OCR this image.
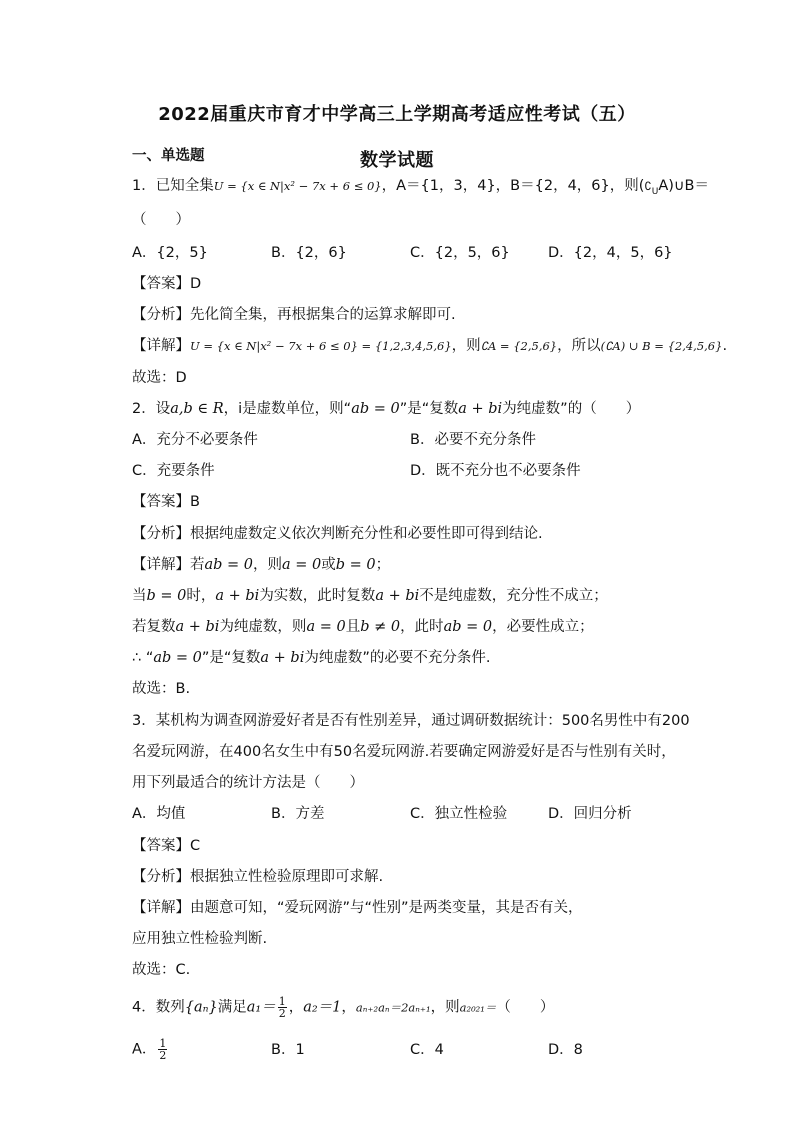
2022届重庆市育才中学高三上学期高考适应性考试（五）
数学试题
一、单选题
1．已知全集U = {x ∈ N|x² − 7x + 6 ≤ 0}，A＝{1，3，4}，B＝{2，4，6}，则$(∁_UA)\cup B=$
（　　）
A．{2，5}	B．{2，6}	C．{2，5，6}	D．{2，4，5，6}
【答案】D
【分析】先化简全集，再根据集合的运算求解即可.
【详解】U = {x ∈ N|x² − 7x + 6 ≤ 0} = {1,2,3,4,5,6}，则∁A = {2,5,6}，所以(∁A) ∪ B = {2,4,5,6}.
故选：D
2．设a,b ∈ R，i是虚数单位，则“ab = 0”是“复数a + bi为纯虚数”的（　　）
A．充分不必要条件	B．必要不充分条件
C．充要条件	D．既不充分也不必要条件
【答案】B
【分析】根据纯虚数定义依次判断充分性和必要性即可得到结论.
【详解】若ab = 0，则a = 0或b = 0；
当b = 0时，a + bi为实数，此时复数a + bi不是纯虚数，充分性不成立；
若复数a + bi为纯虚数，则a = 0且b ≠ 0，此时ab = 0，必要性成立；
∴ “ab = 0”是“复数a + bi为纯虚数”的必要不充分条件.
故选：B.
3．某机构为调查网游爱好者是否有性别差异，通过调研数据统计：500名男性中有200
名爱玩网游，在400名女生中有50名爱玩网游.若要确定网游爱好是否与性别有关时，
用下列最适合的统计方法是（　　）
A．均值	B．方差	C．独立性检验	D．回归分析
【答案】C
【分析】根据独立性检验原理即可求解.
【详解】由题意可知，“爱玩网游”与“性别”是两类变量，其是否有关，
应用独立性检验判断.
故选：C.
4．数列{aₙ}满足$a_1= \frac{1}{2}$ ，a₂＝1，aₙ₊₂aₙ＝2aₙ₊₁，则a₂₀₂₁＝（　　）
A． $\frac{1}{2}$	B．1	C．4	D．8
